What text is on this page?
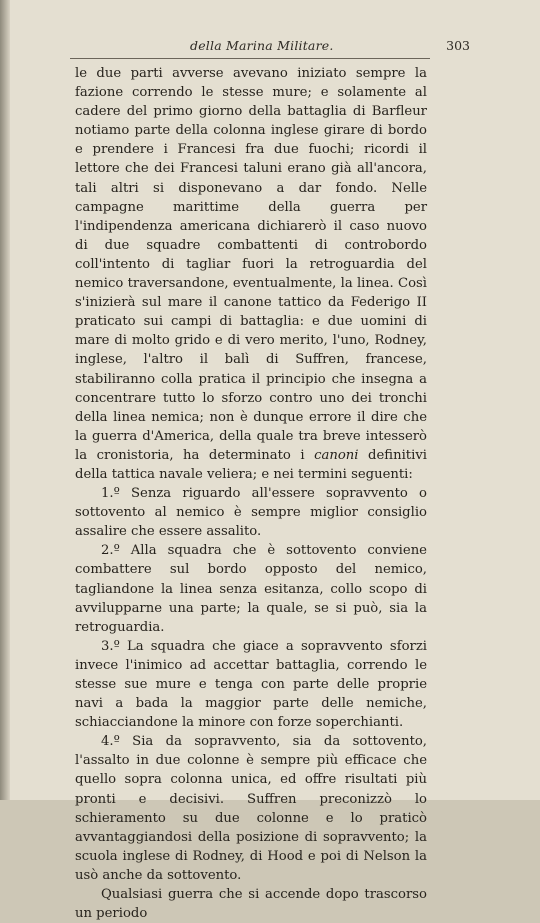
della Marina Militare.	303

le due parti avverse avevano iniziato sempre la fazione correndo le stesse mure; e solamente al cadere del primo giorno della battaglia di Barfleur notiamo parte della colonna inglese girare di bordo e prendere i Francesi fra due fuochi; ricordi il lettore che dei Francesi taluni erano già all'ancora, tali altri si disponevano a dar fondo. Nelle campagne marittime della guerra per l'indipendenza americana dichiarerò il caso nuovo di due squadre combattenti di controbordo coll'intento di tagliar fuori la retroguardia del nemico traversandone, eventualmente, la linea. Così s'inizierà sul mare il canone tattico da Federigo II praticato sui campi di battaglia: e due uomini di mare di molto grido e di vero merito, l'uno, Rodney, inglese, l'altro il balì di Suffren, francese, stabiliranno colla pratica il principio che insegna a concentrare tutto lo sforzo contro uno dei tronchi della linea nemica; non è dunque errore il dire che la guerra d'America, della quale tra breve intesserò la cronistoria, ha determinato i canoni definitivi della tattica navale veliera; e nei termini seguenti:

1.º Senza riguardo all'essere sopravvento o sottovento al nemico è sempre miglior consiglio assalire che essere assalito.

2.º Alla squadra che è sottovento conviene combattere sul bordo opposto del nemico, tagliandone la linea senza esitanza, collo scopo di avvilupparne una parte; la quale, se si può, sia la retroguardia.

3.º La squadra che giace a sopravvento sforzi invece l'inimico ad accettar battaglia, correndo le stesse sue mure e tenga con parte delle proprie navi a bada la maggior parte delle nemiche, schiacciandone la minore con forze soperchianti.

4.º Sia da sopravvento, sia da sottovento, l'assalto in due colonne è sempre più efficace che quello sopra colonna unica, ed offre risultati più pronti e decisivi. Suffren preconizzò lo schieramento su due colonne e lo praticò avvantaggiandosi della posizione di sopravvento; la scuola inglese di Rodney, di Hood e poi di Nelson la usò anche da sottovento.

Qualsiasi guerra che si accende dopo trascorso un periodo
